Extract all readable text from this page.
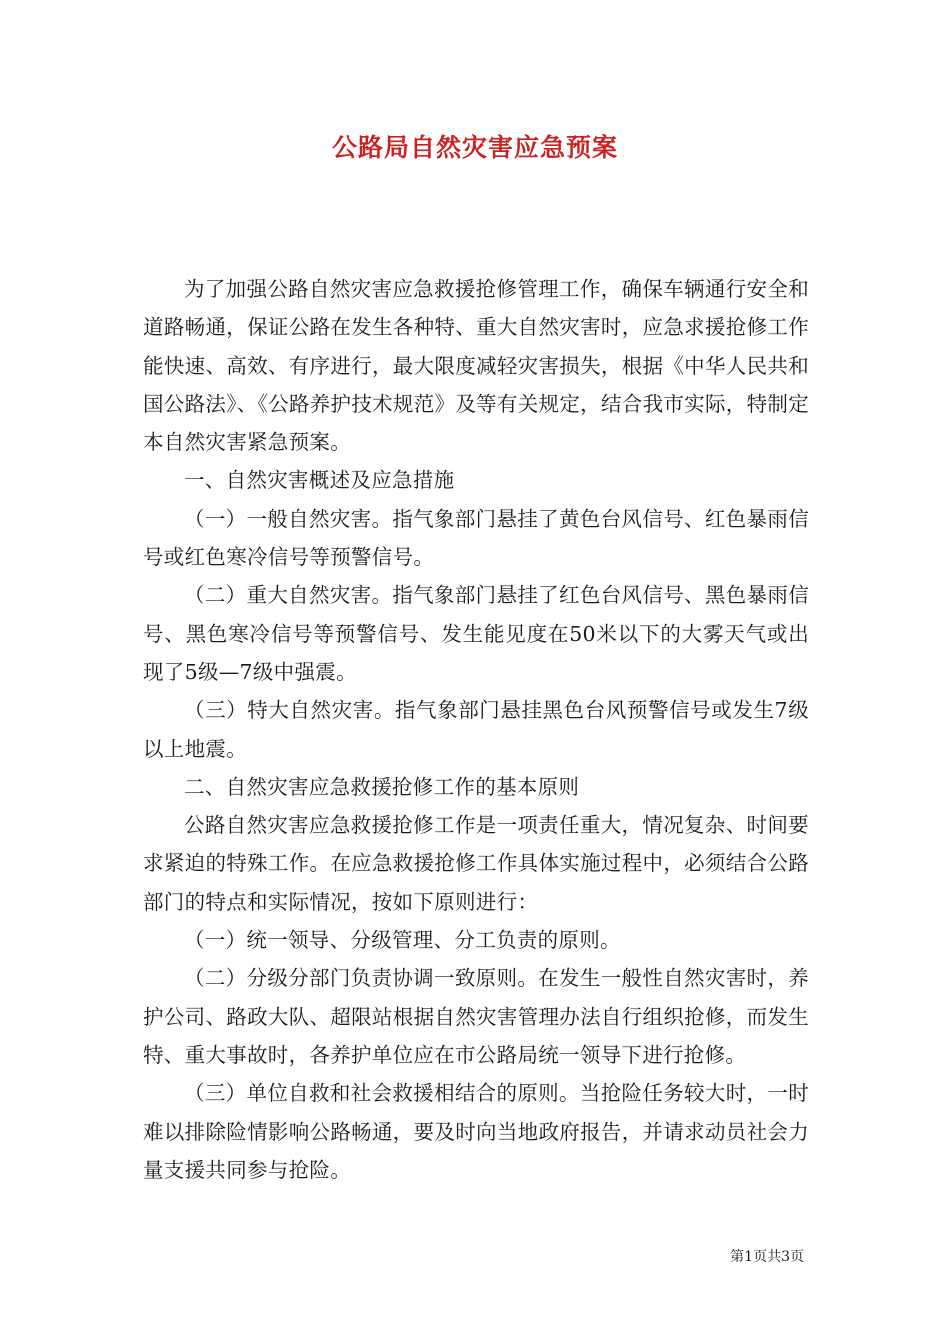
公路局自然灾害应急预案

为了加强公路自然灾害应急救援抢修管理工作，确保车辆通行安全和道路畅通，保证公路在发生各种特、重大自然灾害时，应急求援抢修工作能快速、高效、有序进行，最大限度减轻灾害损失，根据《中华人民共和国公路法》、《公路养护技术规范》及等有关规定，结合我市实际，特制定本自然灾害紧急预案。

一、自然灾害概述及应急措施

（一）一般自然灾害。指气象部门悬挂了黄色台风信号、红色暴雨信号或红色寒冷信号等预警信号。

（二）重大自然灾害。指气象部门悬挂了红色台风信号、黑色暴雨信号、黑色寒冷信号等预警信号、发生能见度在50米以下的大雾天气或出现了5级—7级中强震。

（三）特大自然灾害。指气象部门悬挂黑色台风预警信号或发生7级以上地震。

二、自然灾害应急救援抢修工作的基本原则

公路自然灾害应急救援抢修工作是一项责任重大，情况复杂、时间要求紧迫的特殊工作。在应急救援抢修工作具体实施过程中，必须结合公路部门的特点和实际情况，按如下原则进行：

（一）统一领导、分级管理、分工负责的原则。

（二）分级分部门负责协调一致原则。在发生一般性自然灾害时，养护公司、路政大队、超限站根据自然灾害管理办法自行组织抢修，而发生特、重大事故时，各养护单位应在市公路局统一领导下进行抢修。

（三）单位自救和社会救援相结合的原则。当抢险任务较大时，一时难以排除险情影响公路畅通，要及时向当地政府报告，并请求动员社会力量支援共同参与抢险。

第1页共3页
